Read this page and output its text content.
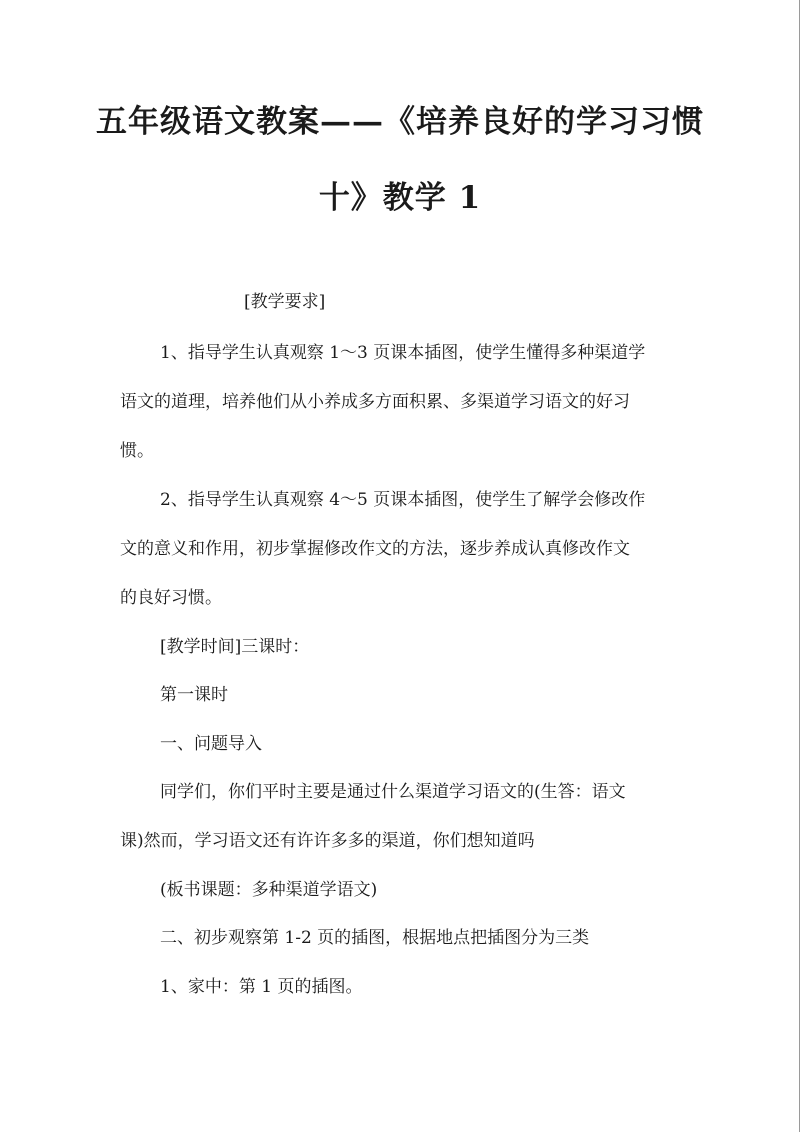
五年级语文教案——《培养良好的学习习惯
十》教学 1

[教学要求]

1、指导学生认真观察 1～3 页课本插图，使学生懂得多种渠道学

语文的道理，培养他们从小养成多方面积累、多渠道学习语文的好习

惯。

2、指导学生认真观察 4～5 页课本插图，使学生了解学会修改作

文的意义和作用，初步掌握修改作文的方法，逐步养成认真修改作文

的良好习惯。

[教学时间]三课时：

第一课时

一、问题导入

同学们，你们平时主要是通过什么渠道学习语文的(生答：语文

课)然而，学习语文还有许许多多的渠道，你们想知道吗

(板书课题：多种渠道学语文)

二、初步观察第 1-2 页的插图，根据地点把插图分为三类

1、家中：第 1 页的插图。
